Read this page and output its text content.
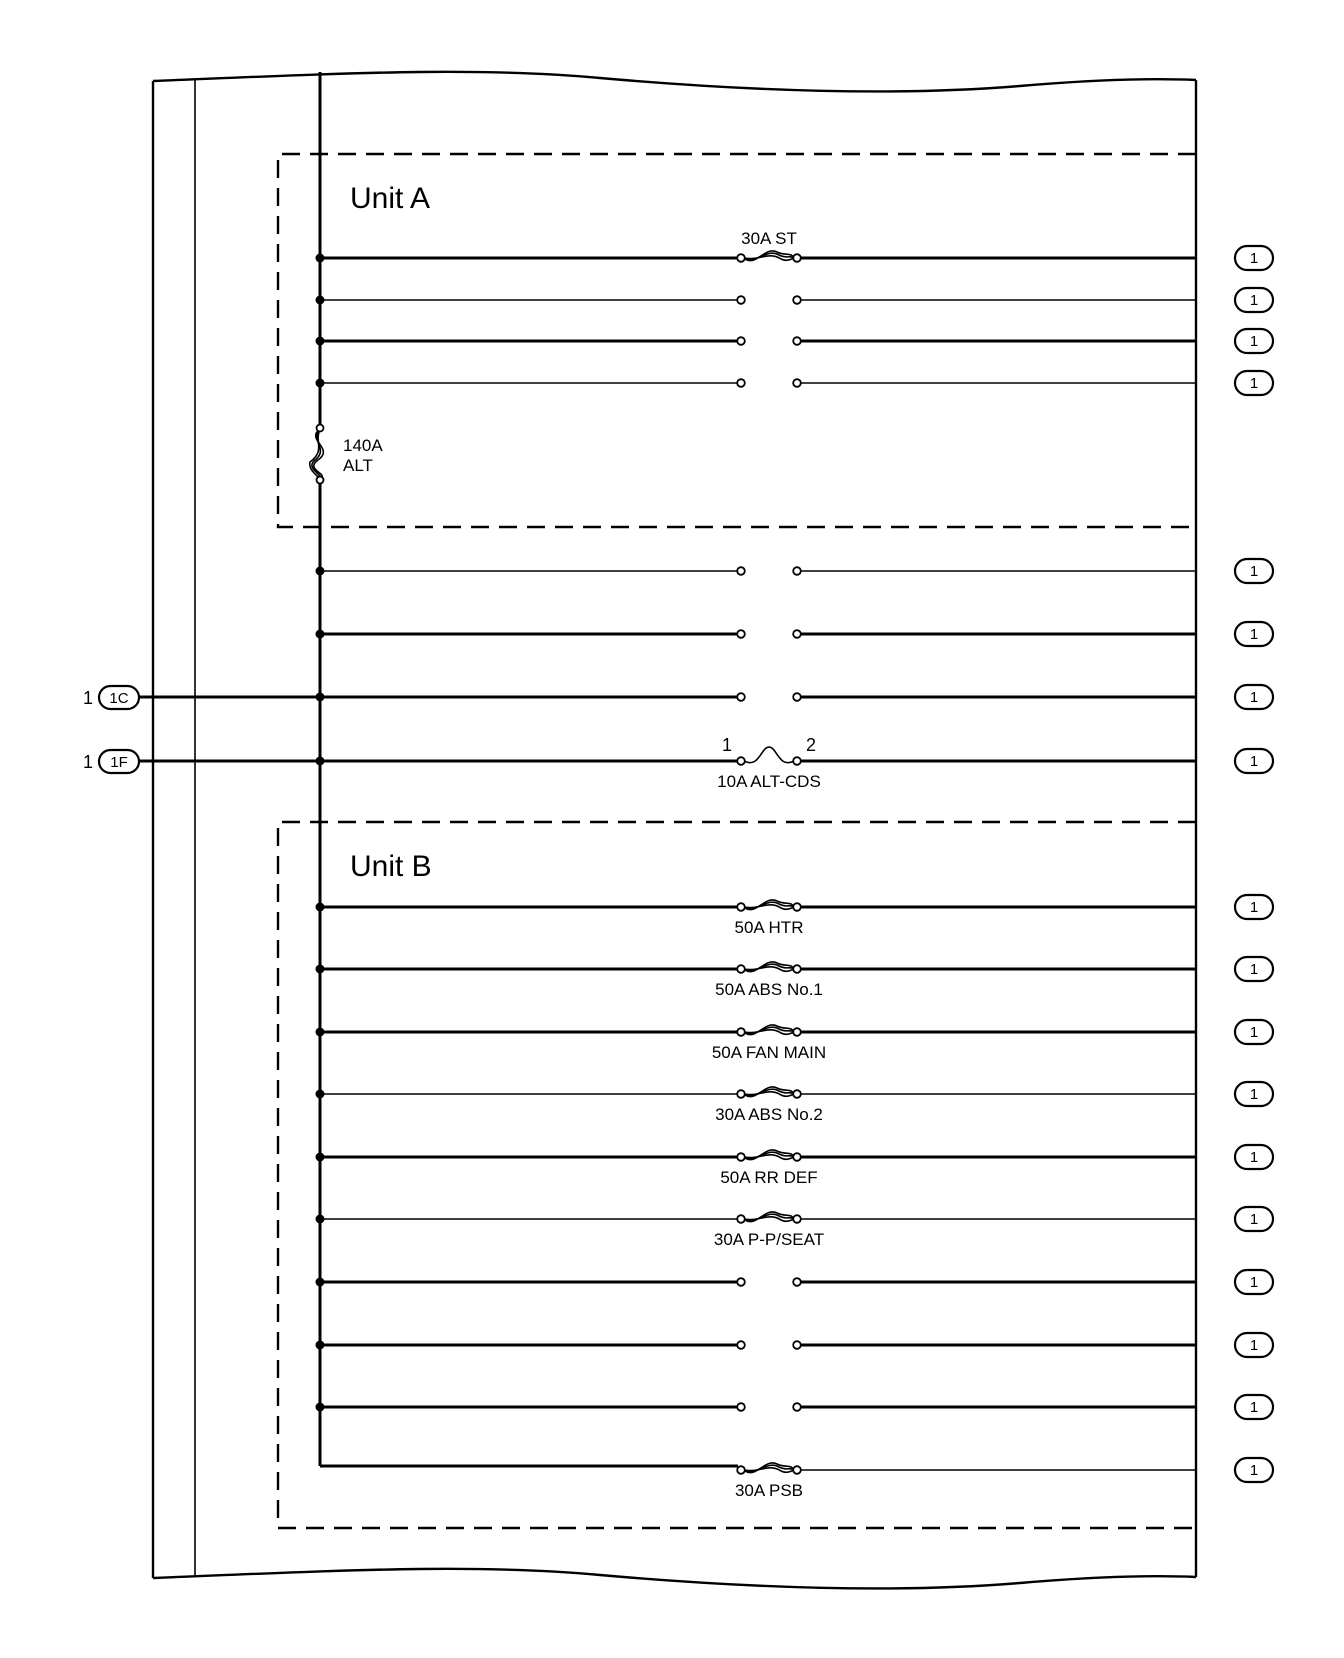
Unit A
Unit B
140A
ALT
1 1C
1 1F
30A ST
1
1
1
1
1
1
1
1	2
10A ALT-CDS
1
50A HTR
1
50A ABS No.1
1
50A FAN MAIN
1
30A ABS No.2
1
50A RR DEF
1
30A P-P/SEAT
1
1
1
1
30A PSB
1
